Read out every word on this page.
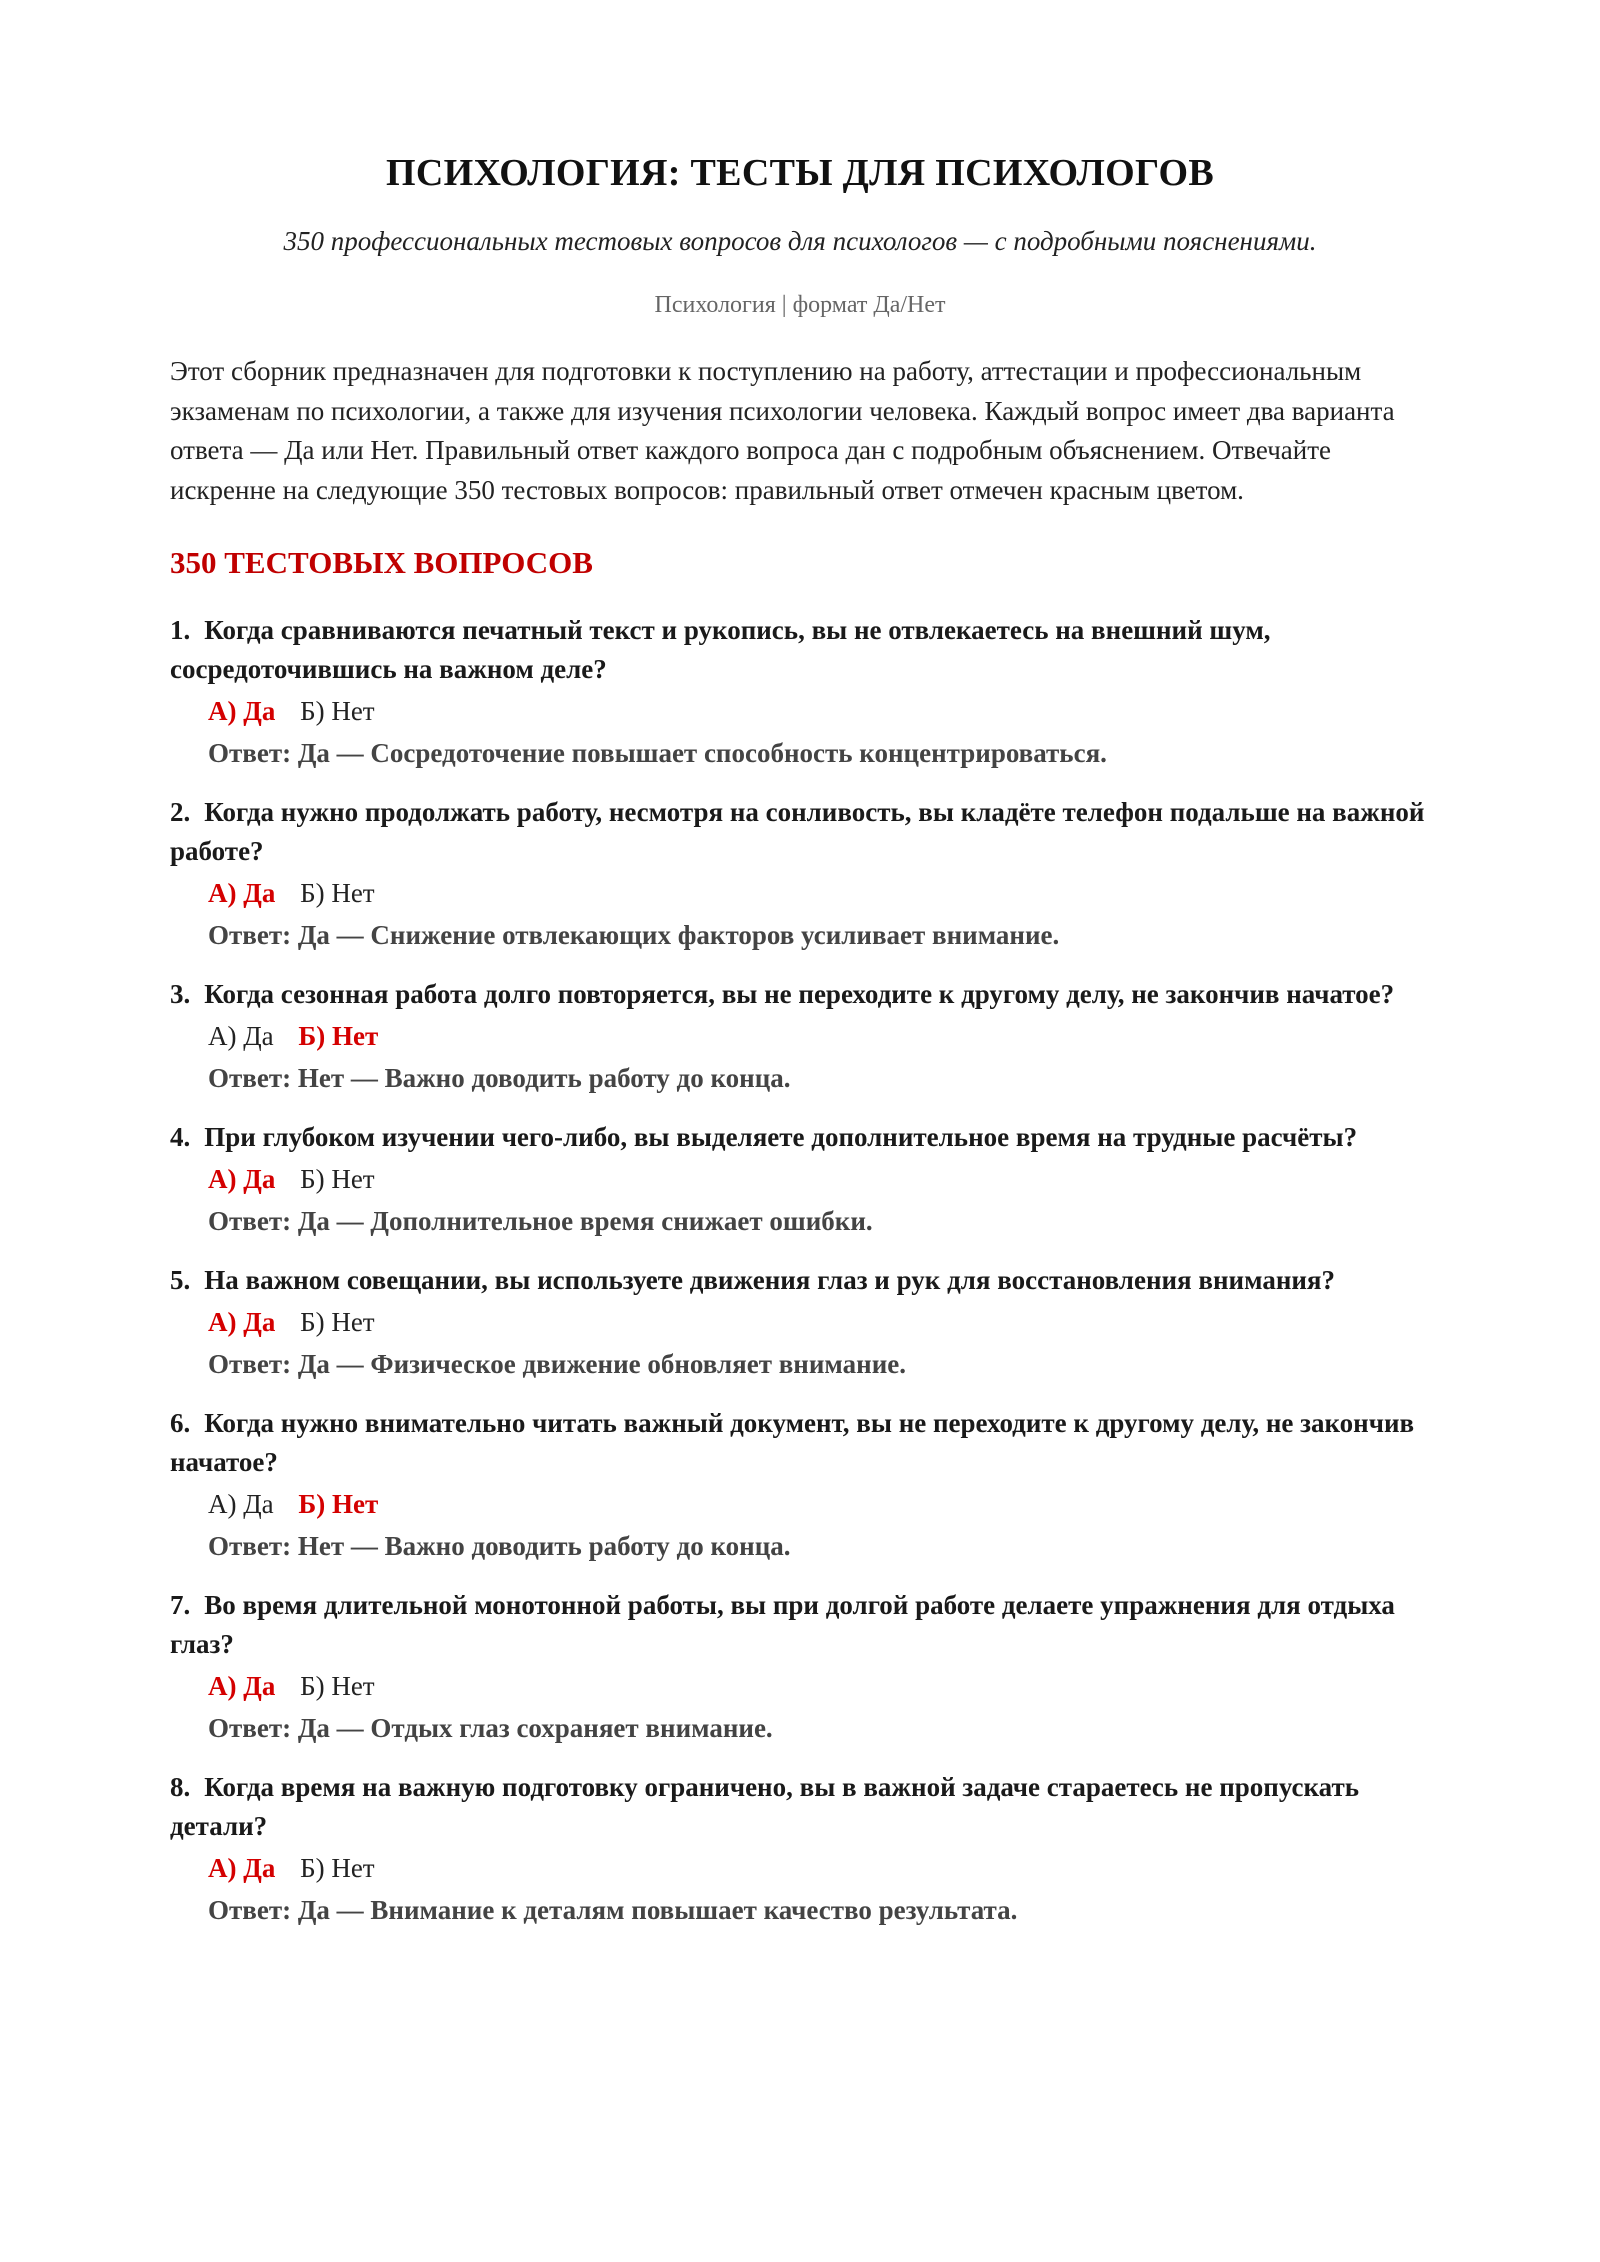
ПСИХОЛОГИЯ: ТЕСТЫ ДЛЯ ПСИХОЛОГОВ

350 профессиональных тестовых вопросов для психологов — с подробными пояснениями.

Психология | формат Да/Нет

Этот сборник предназначен для подготовки к поступлению на работу, аттестации и профессиональным экзаменам по психологии, а также для изучения психологии человека. Каждый вопрос имеет два варианта ответа — Да или Нет. Правильный ответ каждого вопроса дан с подробным объяснением. Отвечайте искренне на следующие 350 тестовых вопросов: правильный ответ отмечен красным цветом.

350 ТЕСТОВЫХ ВОПРОСОВ

1. Когда сравниваются печатный текст и рукопись, вы не отвлекаетесь на внешний шум, сосредоточившись на важном деле?

А) Да Б) Нет
Ответ: Да — Сосредоточение повышает способность концентрироваться.

2. Когда нужно продолжать работу, несмотря на сонливость, вы кладёте телефон подальше на важной работе?

А) Да Б) Нет
Ответ: Да — Снижение отвлекающих факторов усиливает внимание.

3. Когда сезонная работа долго повторяется, вы не переходите к другому делу, не закончив начатое?

А) Да Б) Нет
Ответ: Нет — Важно доводить работу до конца.

4. При глубоком изучении чего-либо, вы выделяете дополнительное время на трудные расчёты?

А) Да Б) Нет
Ответ: Да — Дополнительное время снижает ошибки.

5. На важном совещании, вы используете движения глаз и рук для восстановления внимания?

А) Да Б) Нет
Ответ: Да — Физическое движение обновляет внимание.

6. Когда нужно внимательно читать важный документ, вы не переходите к другому делу, не закончив начатое?

А) Да Б) Нет
Ответ: Нет — Важно доводить работу до конца.

7. Во время длительной монотонной работы, вы при долгой работе делаете упражнения для отдыха глаз?

А) Да Б) Нет
Ответ: Да — Отдых глаз сохраняет внимание.

8. Когда время на важную подготовку ограничено, вы в важной задаче стараетесь не пропускать детали?

А) Да Б) Нет
Ответ: Да — Внимание к деталям повышает качество результата.
